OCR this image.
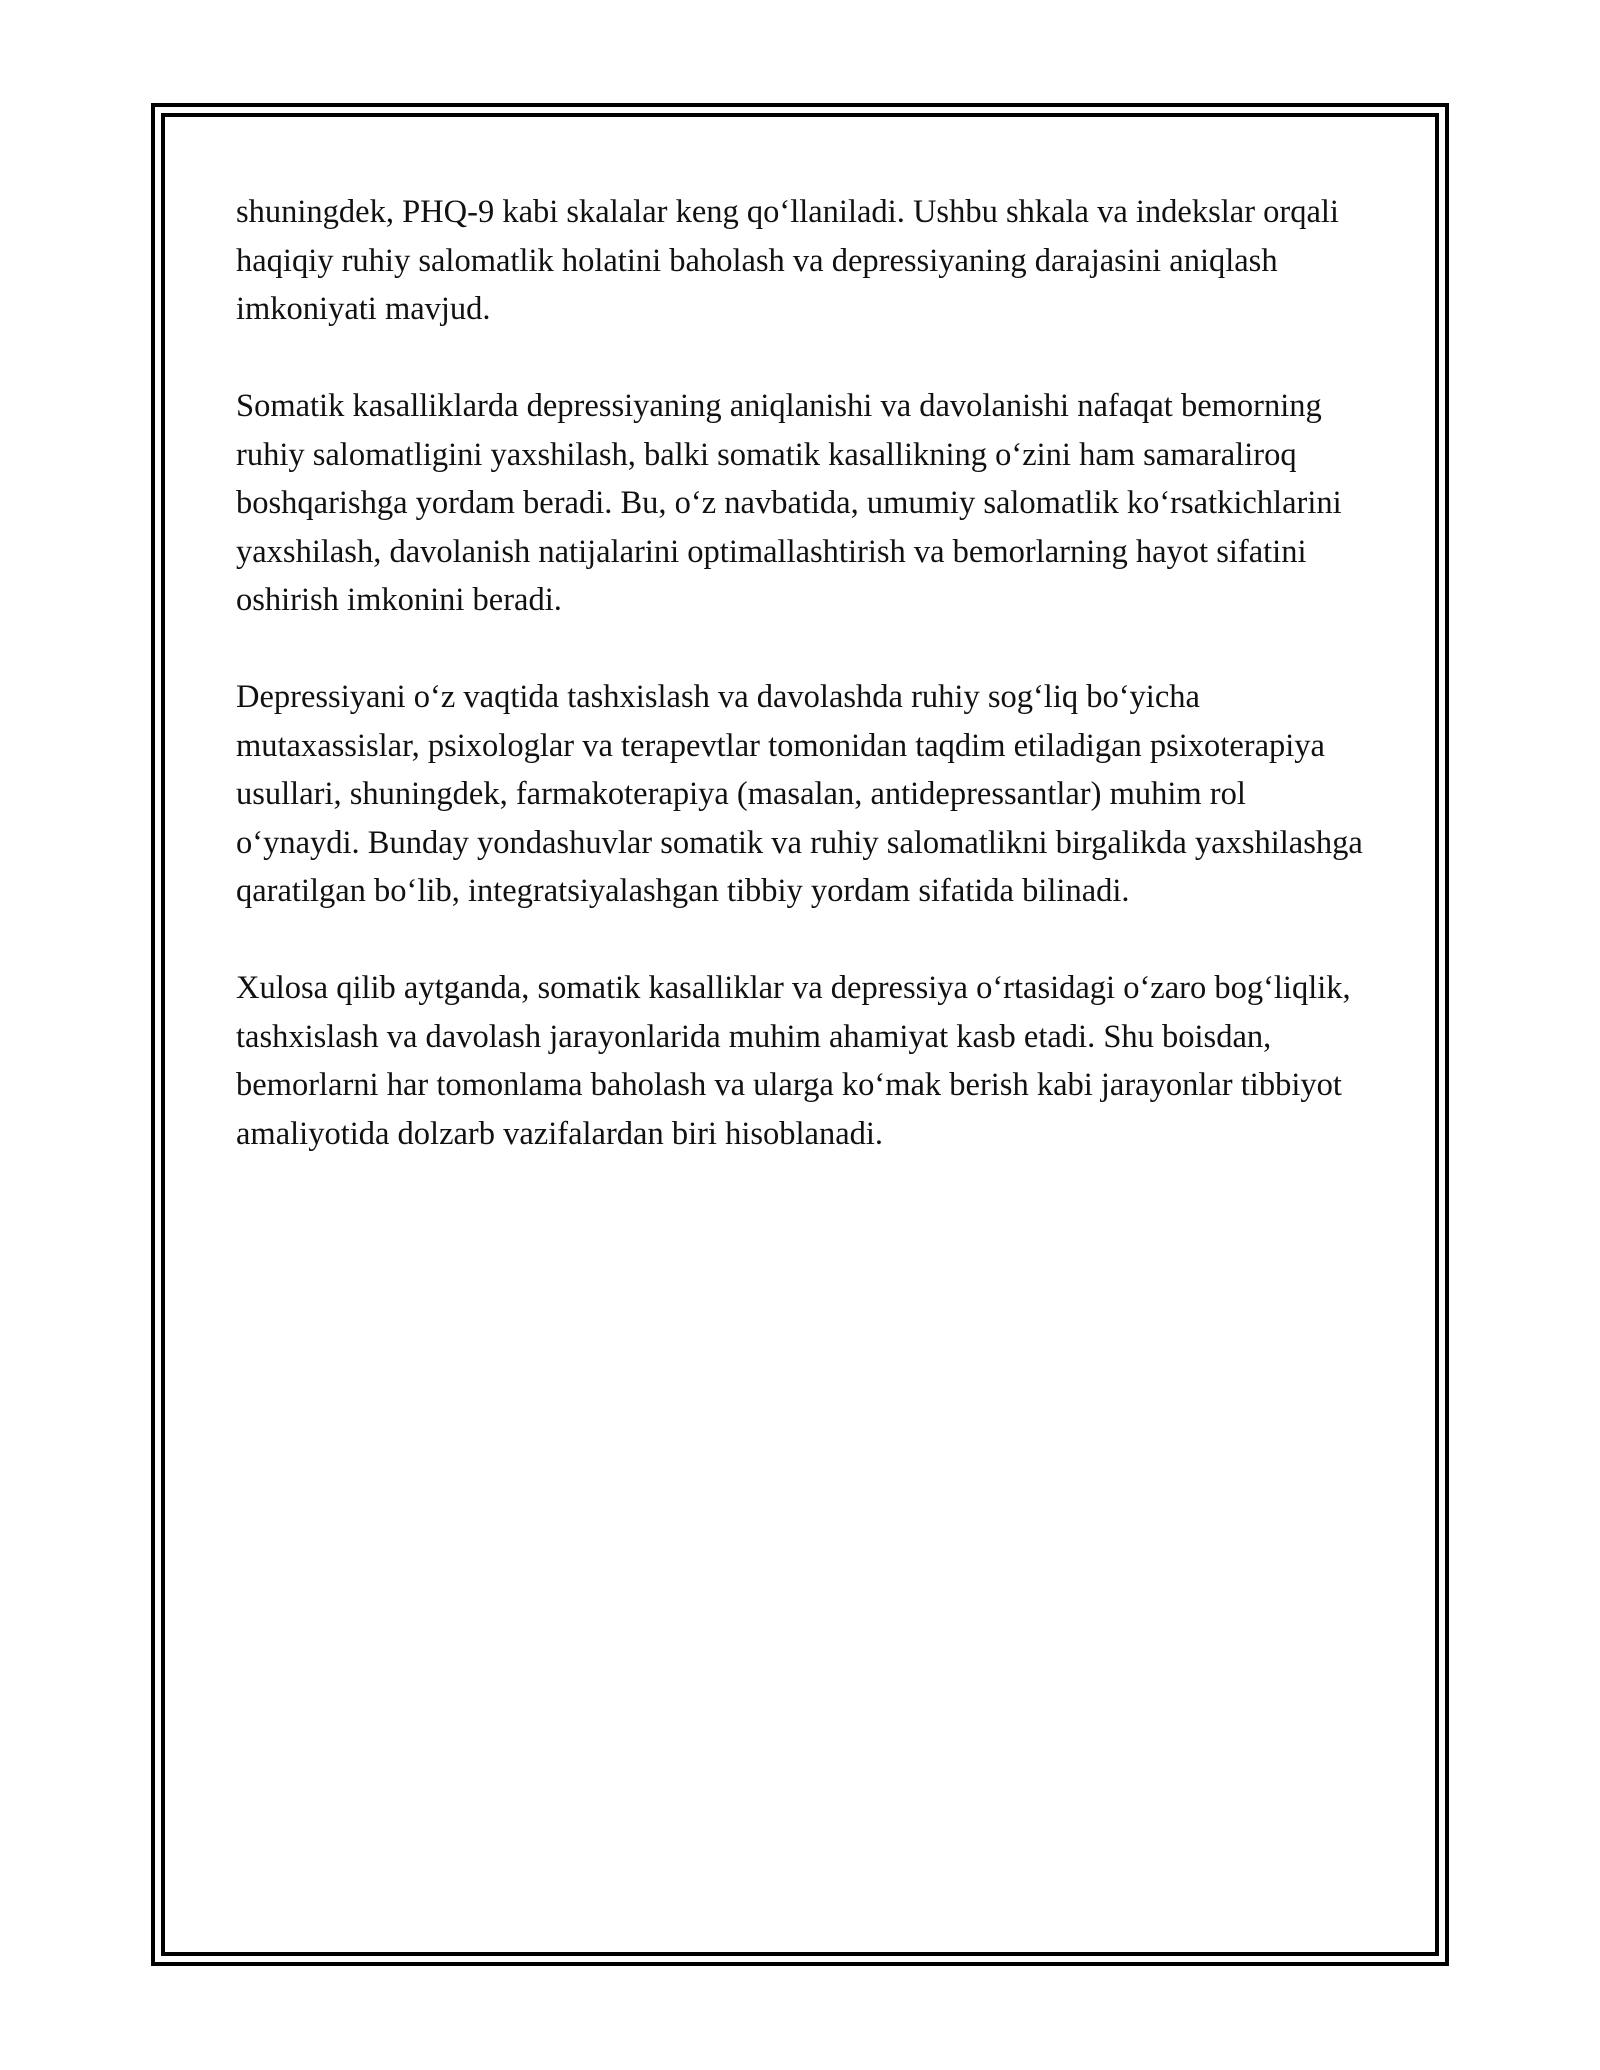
shuningdek, PHQ-9 kabi skalalar keng qo‘llaniladi. Ushbu shkala va indekslar orqali haqiqiy ruhiy salomatlik holatini baholash va depressiyaning darajasini aniqlash imkoniyati mavjud.

Somatik kasalliklarda depressiyaning aniqlanishi va davolanishi nafaqat bemorning ruhiy salomatligini yaxshilash, balki somatik kasallikning o‘zini ham samaraliroq boshqarishga yordam beradi. Bu, o‘z navbatida, umumiy salomatlik ko‘rsatkichlarini yaxshilash, davolanish natijalarini optimallashtirish va bemorlarning hayot sifatini oshirish imkonini beradi.

Depressiyani o‘z vaqtida tashxislash va davolashda ruhiy sog‘liq bo‘yicha mutaxassislar, psixologlar va terapevtlar tomonidan taqdim etiladigan psixoterapiya usullari, shuningdek, farmakoterapiya (masalan, antidepressantlar) muhim rol o‘ynaydi. Bunday yondashuvlar somatik va ruhiy salomatlikni birgalikda yaxshilashga qaratilgan bo‘lib, integratsiyalashgan tibbiy yordam sifatida bilinadi.

Xulosa qilib aytganda, somatik kasalliklar va depressiya o‘rtasidagi o‘zaro bog‘liqlik, tashxislash va davolash jarayonlarida muhim ahamiyat kasb etadi. Shu boisdan, bemorlarni har tomonlama baholash va ularga ko‘mak berish kabi jarayonlar tibbiyot amaliyotida dolzarb vazifalardan biri hisoblanadi.
